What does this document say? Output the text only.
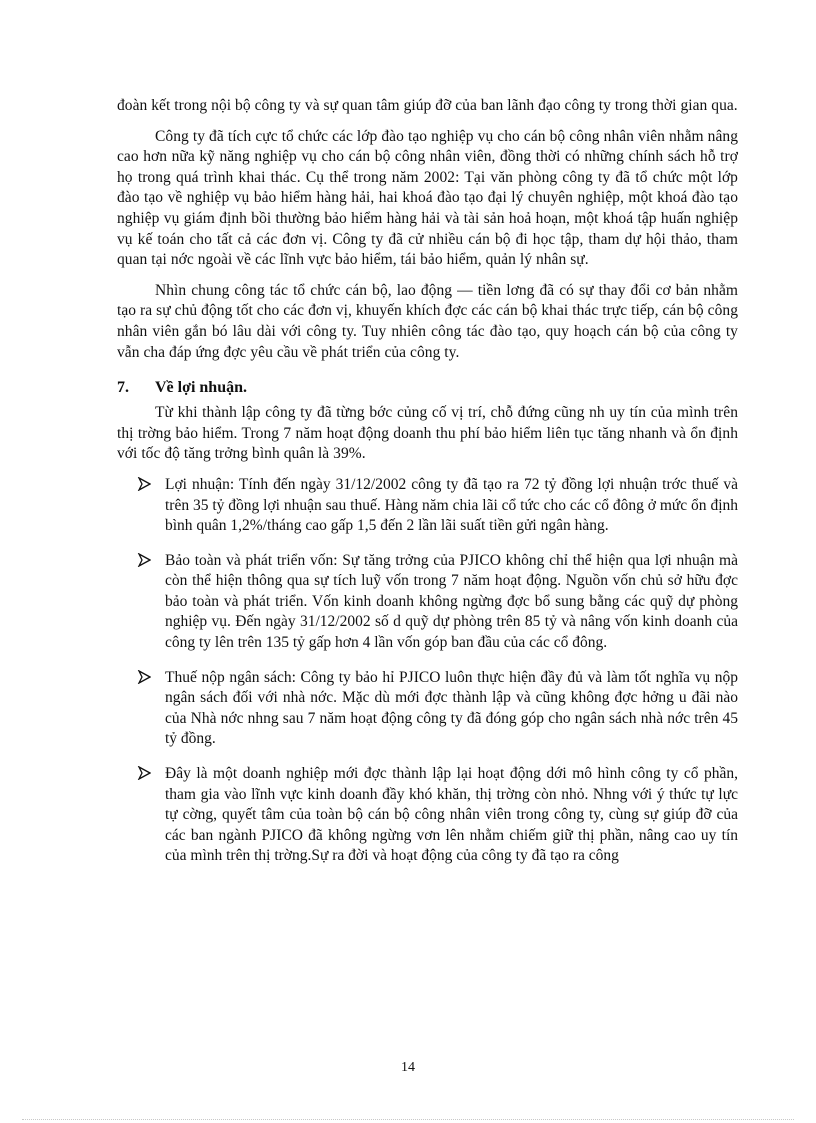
đoàn kết trong nội bộ công ty và sự quan tâm giúp đỡ của ban lãnh đạo công ty trong thời gian qua.

Công ty đã tích cực tổ chức các lớp đào tạo nghiệp vụ cho cán bộ công nhân viên nhằm nâng cao hơn nữa kỹ năng nghiệp vụ cho cán bộ công nhân viên, đồng thời có những chính sách hỗ trợ họ trong quá trình khai thác. Cụ thể trong năm 2002: Tại văn phòng công ty đã tổ chức một lớp đào tạo về nghiệp vụ bảo hiểm hàng hải, hai khoá đào tạo đại lý chuyên nghiệp, một khoá đào tạo nghiệp vụ giám định bồi thường bảo hiểm hàng hải và tài sản hoả hoạn, một khoá tập huấn nghiệp vụ kế toán cho tất cả các đơn vị. Công ty đã cử nhiều cán bộ đi học tập, tham dự hội thảo, tham quan tại nớc ngoài về các lĩnh vực bảo hiểm, tái bảo hiểm, quản lý nhân sự.

Nhìn chung công tác tổ chức cán bộ, lao động — tiền lơng đã có sự thay đổi cơ bản nhằm tạo ra sự chủ động tốt cho các đơn vị, khuyến khích đợc các cán bộ khai thác trực tiếp, cán bộ công nhân viên gắn bó lâu dài với công ty. Tuy nhiên công tác đào tạo, quy hoạch cán bộ của công ty vẫn cha đáp ứng đợc yêu cầu về phát triển của công ty.

7.	Về lợi nhuận.

Từ khi thành lập công ty đã từng bớc củng cố vị trí, chỗ đứng cũng nh uy tín của mình trên thị trờng bảo hiểm. Trong 7 năm hoạt động doanh thu phí bảo hiểm liên tục tăng nhanh và ổn định với tốc độ tăng trởng bình quân là 39%.

Lợi nhuận: Tính đến ngày 31/12/2002 công ty đã tạo ra 72 tỷ đồng lợi nhuận trớc thuế và trên 35 tỷ đồng lợi nhuận sau thuế. Hàng năm chia lãi cổ tức cho các cổ đông ở mức ổn định bình quân 1,2%/tháng cao gấp 1,5 đến 2 lần lãi suất tiền gửi ngân hàng.

Bảo toàn và phát triển vốn: Sự tăng trởng của PJICO không chỉ thể hiện qua lợi nhuận mà còn thể hiện thông qua sự tích luỹ vốn trong 7 năm hoạt động. Nguồn vốn chủ sở hữu đợc bảo toàn và phát triển. Vốn kinh doanh không ngừng đợc bổ sung bằng các quỹ dự phòng nghiệp vụ. Đến ngày 31/12/2002 số d quỹ dự phòng trên 85 tỷ và nâng vốn kinh doanh của công ty lên trên 135 tỷ gấp hơn 4 lần vốn góp ban đầu của các cổ đông.

Thuế nộp ngân sách: Công ty bảo hỉ PJICO luôn thực hiện đầy đủ và làm tốt nghĩa vụ nộp ngân sách đối với nhà nớc. Mặc dù mới đợc thành lập và cũng không đợc hởng u đãi nào của Nhà nớc nhng sau 7 năm hoạt động công ty đã đóng góp cho ngân sách nhà nớc trên 45 tỷ đồng.

Đây là một doanh nghiệp mới đợc thành lập lại hoạt động dới mô hình công ty cổ phần, tham gia vào lĩnh vực kinh doanh đầy khó khăn, thị trờng còn nhỏ. Nhng với ý thức tự lực tự cờng, quyết tâm của toàn bộ cán bộ công nhân viên trong công ty, cùng sự giúp đỡ của các ban ngành PJICO đã không ngừng vơn lên nhằm chiếm giữ thị phần, nâng cao uy tín của mình trên thị trờng.Sự ra đời và hoạt động của công ty đã tạo ra công

14
